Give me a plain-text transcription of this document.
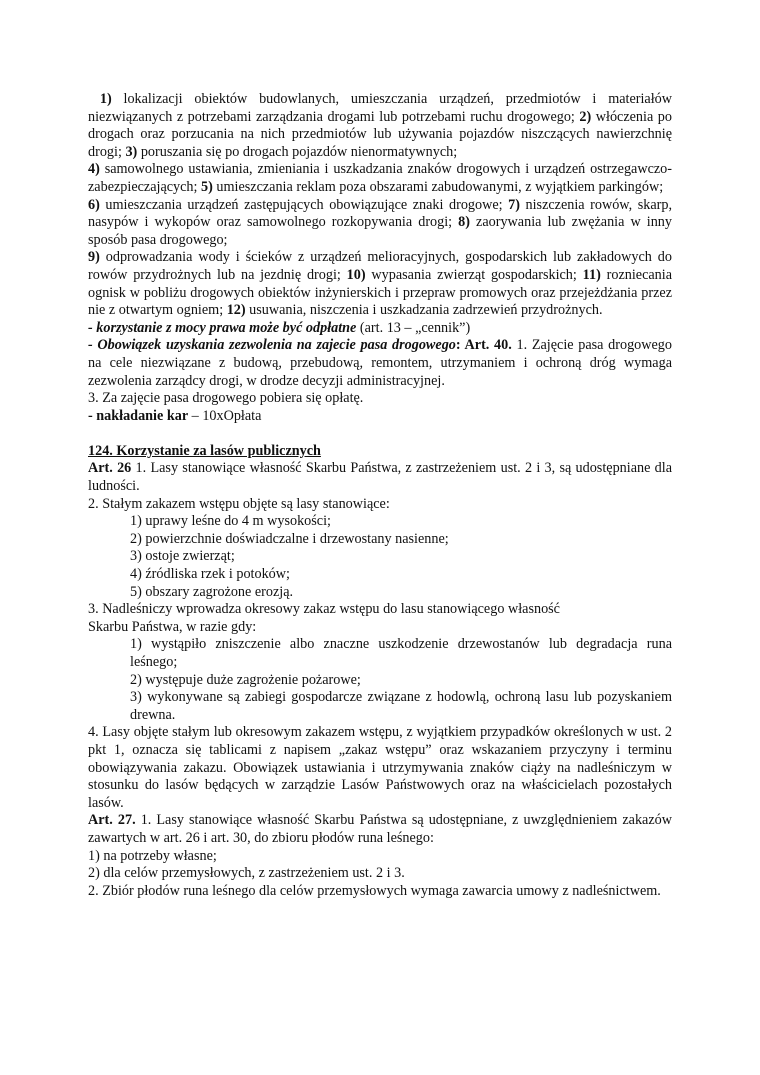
1) lokalizacji obiektów budowlanych, umieszczania urządzeń, przedmiotów i materiałów niezwiązanych z potrzebami zarządzania drogami lub potrzebami ruchu drogowego; 2) włóczenia po drogach oraz porzucania na nich przedmiotów lub używania pojazdów niszczących nawierzchnię drogi; 3) poruszania się po drogach pojazdów nienormatywnych;

4) samowolnego ustawiania, zmieniania i uszkadzania znaków drogowych i urządzeń ostrzegawczo-zabezpieczających; 5) umieszczania reklam poza obszarami zabudowanymi, z wyjątkiem parkingów;

6) umieszczania urządzeń zastępujących obowiązujące znaki drogowe; 7) niszczenia rowów, skarp, nasypów i wykopów oraz samowolnego rozkopywania drogi; 8) zaorywania lub zwężania w inny sposób pasa drogowego;

9) odprowadzania wody i ścieków z urządzeń melioracyjnych, gospodarskich lub zakładowych do rowów przydrożnych lub na jezdnię drogi; 10) wypasania zwierząt gospodarskich; 11) rozniecania ognisk w pobliżu drogowych obiektów inżynierskich i przepraw promowych oraz przejeżdżania przez nie z otwartym ogniem; 12) usuwania, niszczenia i uszkadzania zadrzewień przydrożnych.

- korzystanie z mocy prawa może być odpłatne (art. 13 – „cennik”)

- Obowiązek uzyskania zezwolenia na zajecie pasa drogowego: Art. 40. 1. Zajęcie pasa drogowego na cele niezwiązane z budową, przebudową, remontem, utrzymaniem i ochroną dróg wymaga zezwolenia zarządcy drogi, w drodze decyzji administracyjnej.

3. Za zajęcie pasa drogowego pobiera się opłatę.

- nakładanie kar – 10xOpłata

124. Korzystanie za lasów publicznych

Art. 26 1. Lasy stanowiące własność Skarbu Państwa, z zastrzeżeniem ust. 2 i 3, są udostępniane dla ludności.

2. Stałym zakazem wstępu objęte są lasy stanowiące:

1) uprawy leśne do 4 m wysokości;

2) powierzchnie doświadczalne i drzewostany nasienne;

3) ostoje zwierząt;

4) źródliska rzek i potoków;

5) obszary zagrożone erozją.

3. Nadleśniczy wprowadza okresowy zakaz wstępu do lasu stanowiącego własność

Skarbu Państwa, w razie gdy:

1) wystąpiło zniszczenie albo znaczne uszkodzenie drzewostanów lub degradacja runa leśnego;

2) występuje duże zagrożenie pożarowe;

3) wykonywane są zabiegi gospodarcze związane z hodowlą, ochroną lasu lub pozyskaniem drewna.

4. Lasy objęte stałym lub okresowym zakazem wstępu, z wyjątkiem przypadków określonych w ust. 2 pkt 1, oznacza się tablicami z napisem „zakaz wstępu” oraz wskazaniem przyczyny i terminu obowiązywania zakazu. Obowiązek ustawiania i utrzymywania znaków ciąży na nadleśniczym w stosunku do lasów będących w zarządzie Lasów Państwowych oraz na właścicielach pozostałych lasów.

Art. 27. 1. Lasy stanowiące własność Skarbu Państwa są udostępniane, z uwzględnieniem zakazów zawartych w art. 26 i art. 30, do zbioru płodów runa leśnego:

1) na potrzeby własne;

2) dla celów przemysłowych, z zastrzeżeniem ust. 2 i 3.

2. Zbiór płodów runa leśnego dla celów przemysłowych wymaga zawarcia umowy z nadleśnictwem.
